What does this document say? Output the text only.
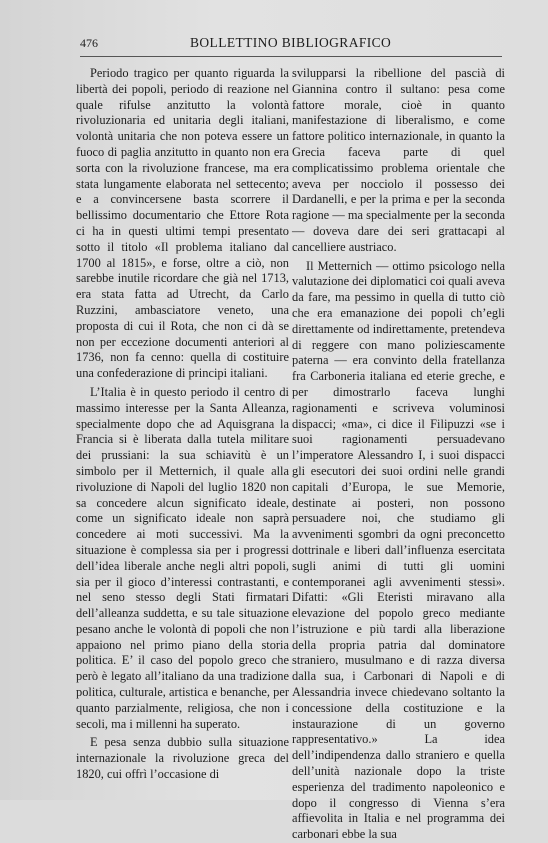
476	BOLLETTINO BIBLIOGRAFICO

Periodo tragico per quanto riguarda la libertà dei popoli, periodo di reazione nel quale rifulse anzitutto la volontà rivoluzionaria ed unitaria degli italiani, volontà unitaria che non poteva essere un fuoco di paglia anzitutto in quanto non era sorta con la rivoluzione francese, ma era stata lungamente elaborata nel settecento; e a convincersene basta scorrere il bellissimo documentario che Ettore Rota ci ha in questi ultimi tempi presentato sotto il titolo «Il problema italiano dal 1700 al 1815», e forse, oltre a ciò, non sarebbe inutile ricordare che già nel 1713, era stata fatta ad Utrecht, da Carlo Ruzzini, ambasciatore veneto, una proposta di cui il Rota, che non ci dà se non per eccezione documenti anteriori al 1736, non fa cenno: quella di costituire una confederazione di principi italiani.

L’Italia è in questo periodo il centro di massimo interesse per la Santa Alleanza, specialmente dopo che ad Aquisgrana la Francia si è liberata dalla tutela militare dei prussiani: la sua schiavitù è un simbolo per il Metternich, il quale alla rivoluzione di Napoli del luglio 1820 non sa concedere alcun significato ideale, come un significato ideale non saprà concedere ai moti successivi. Ma la situazione è complessa sia per i progressi dell’idea liberale anche negli altri popoli, sia per il gioco d’interessi contrastanti, e nel seno stesso degli Stati firmatari dell’alleanza suddetta, e su tale situazione pesano anche le volontà di popoli che non appaiono nel primo piano della storia politica. E’ il caso del popolo greco che però è legato all’italiano da una tradizione politica, culturale, artistica e benanche, per quanto parzialmente, religiosa, che non i secoli, ma i millenni ha superato.

E pesa senza dubbio sulla situazione internazionale la rivoluzione greca del 1820, cui offrì l’occasione di

svilupparsi la ribellione del pascià di Giannina contro il sultano: pesa come fattore morale, cioè in quanto manifestazione di liberalismo, e come fattore politico internazionale, in quanto la Grecia faceva parte di quel complicatissimo problema orientale che aveva per nocciolo il possesso dei Dardanelli, e per la prima e per la seconda ragione — ma specialmente per la seconda — doveva dare dei seri grattacapi al cancelliere austriaco.

Il Metternich — ottimo psicologo nella valutazione dei diplomatici coi quali aveva da fare, ma pessimo in quella di tutto ciò che era emanazione dei popoli ch’egli direttamente od indirettamente, pretendeva di reggere con mano poliziescamente paterna — era convinto della fratellanza fra Carboneria italiana ed eterie greche, e per dimostrarlo faceva lunghi ragionamenti e scriveva voluminosi dispacci; «ma», ci dice il Filipuzzi «se i suoi ragionamenti persuadevano l’imperatore Alessandro I, i suoi dispacci gli esecutori dei suoi ordini nelle grandi capitali d’Europa, le sue Memorie, destinate ai posteri, non possono persuadere noi, che studiamo gli avvenimenti sgombri da ogni preconcetto dottrinale e liberi dall’influenza esercitata sugli animi di tutti gli uomini contemporanei agli avvenimenti stessi». Difatti: «Gli Eteristi miravano alla elevazione del popolo greco mediante l’istruzione e più tardi alla liberazione della propria patria dal dominatore straniero, musulmano e di razza diversa dalla sua, i Carbonari di Napoli e di Alessandria invece chiedevano soltanto la concessione della costituzione e la instaurazione di un governo rappresentativo.» La idea dell’indipendenza dallo straniero e quella dell’unità nazionale dopo la triste esperienza del tradimento napoleonico e dopo il congresso di Vienna s’era affievolita in Italia e nel programma dei carbonari ebbe la sua
